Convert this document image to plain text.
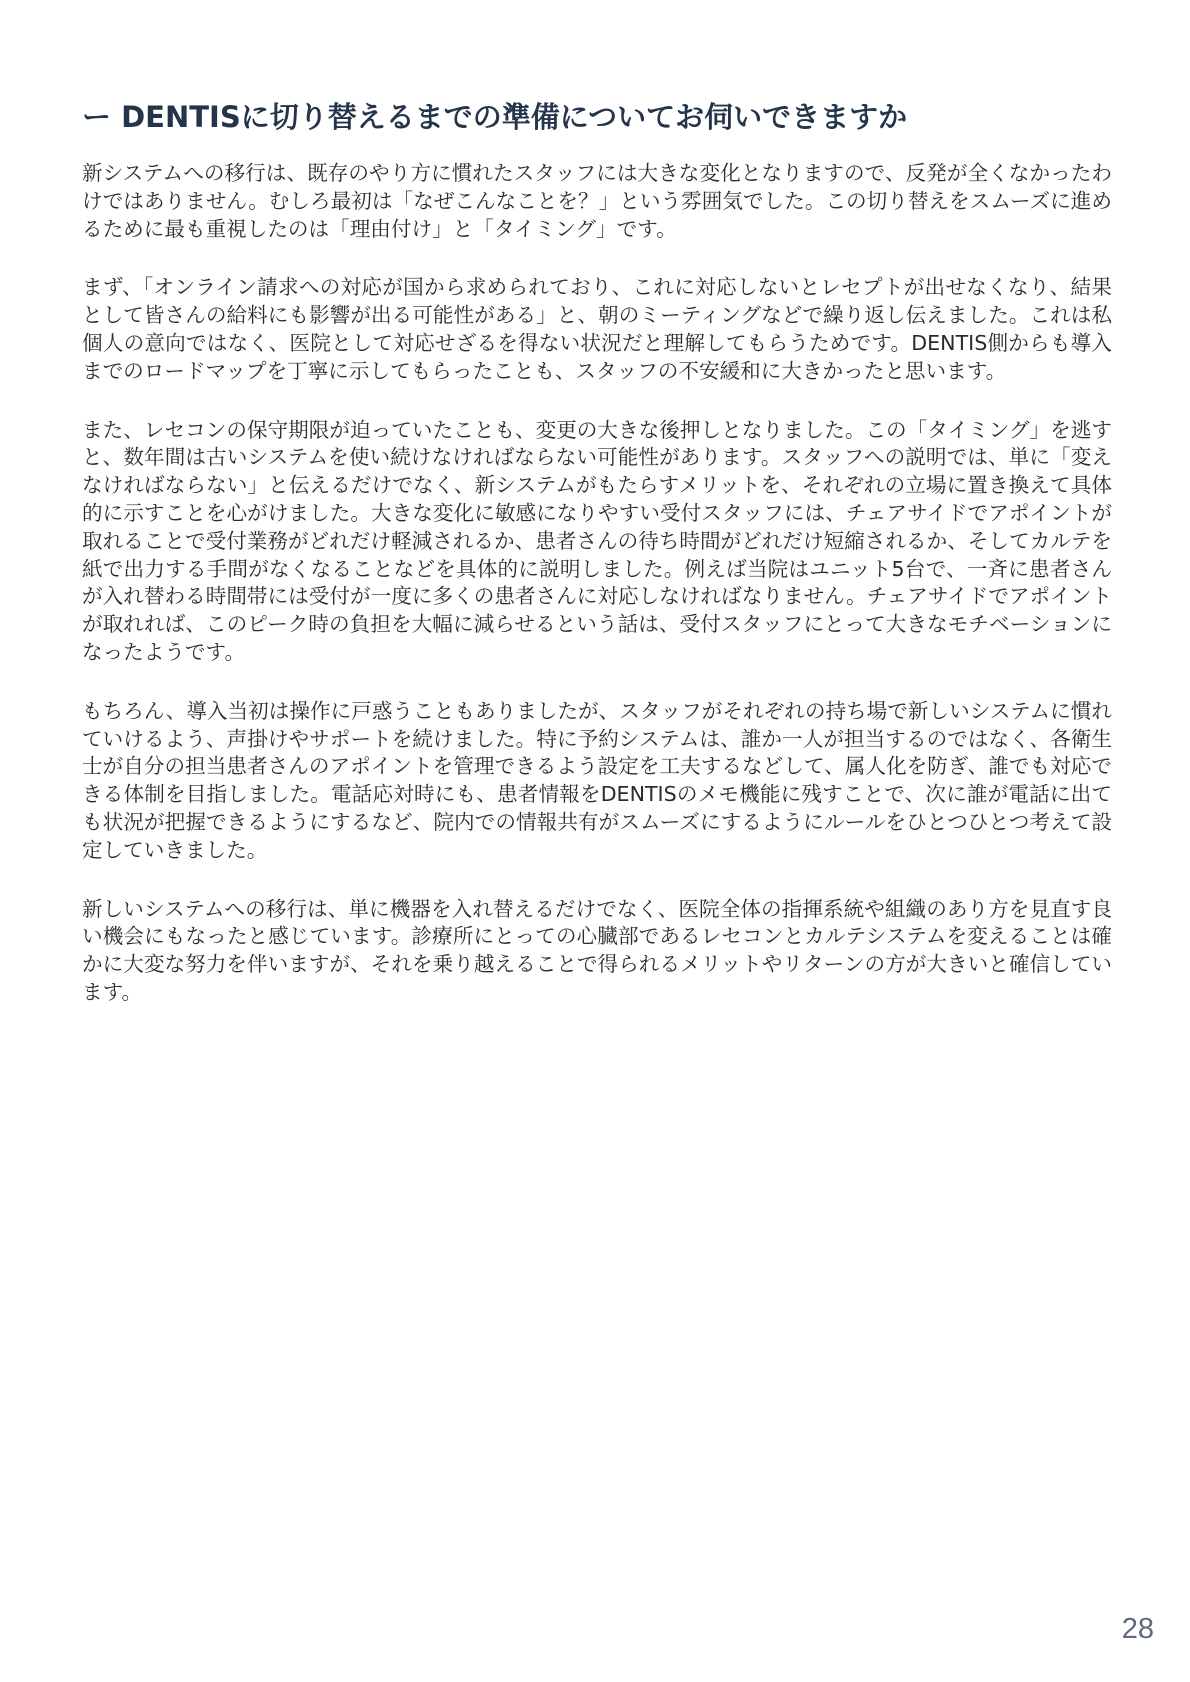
ー DENTISに切り替えるまでの準備についてお伺いできますか

新システムへの移行は、既存のやり方に慣れたスタッフには大きな変化となりますので、反発が全くなかったわけではありません。むしろ最初は「なぜこんなことを？」という雰囲気でした。この切り替えをスムーズに進めるために最も重視したのは「理由付け」と「タイミング」です。

まず、「オンライン請求への対応が国から求められており、これに対応しないとレセプトが出せなくなり、結果として皆さんの給料にも影響が出る可能性がある」と、朝のミーティングなどで繰り返し伝えました。これは私個人の意向ではなく、医院として対応せざるを得ない状況だと理解してもらうためです。DENTIS側からも導入までのロードマップを丁寧に示してもらったことも、スタッフの不安緩和に大きかったと思います。

また、レセコンの保守期限が迫っていたことも、変更の大きな後押しとなりました。この「タイミング」を逃すと、数年間は古いシステムを使い続けなければならない可能性があります。スタッフへの説明では、単に「変えなければならない」と伝えるだけでなく、新システムがもたらすメリットを、それぞれの立場に置き換えて具体的に示すことを心がけました。大きな変化に敏感になりやすい受付スタッフには、チェアサイドでアポイントが取れることで受付業務がどれだけ軽減されるか、患者さんの待ち時間がどれだけ短縮されるか、そしてカルテを紙で出力する手間がなくなることなどを具体的に説明しました。例えば当院はユニット5台で、一斉に患者さんが入れ替わる時間帯には受付が一度に多くの患者さんに対応しなければなりません。チェアサイドでアポイントが取れれば、このピーク時の負担を大幅に減らせるという話は、受付スタッフにとって大きなモチベーションになったようです。

もちろん、導入当初は操作に戸惑うこともありましたが、スタッフがそれぞれの持ち場で新しいシステムに慣れていけるよう、声掛けやサポートを続けました。特に予約システムは、誰か一人が担当するのではなく、各衛生士が自分の担当患者さんのアポイントを管理できるよう設定を工夫するなどして、属人化を防ぎ、誰でも対応できる体制を目指しました。電話応対時にも、患者情報をDENTISのメモ機能に残すことで、次に誰が電話に出ても状況が把握できるようにするなど、院内での情報共有がスムーズにするようにルールをひとつひとつ考えて設定していきました。

新しいシステムへの移行は、単に機器を入れ替えるだけでなく、医院全体の指揮系統や組織のあり方を見直す良い機会にもなったと感じています。診療所にとっての心臓部であるレセコンとカルテシステムを変えることは確かに大変な努力を伴いますが、それを乗り越えることで得られるメリットやリターンの方が大きいと確信しています。

28
